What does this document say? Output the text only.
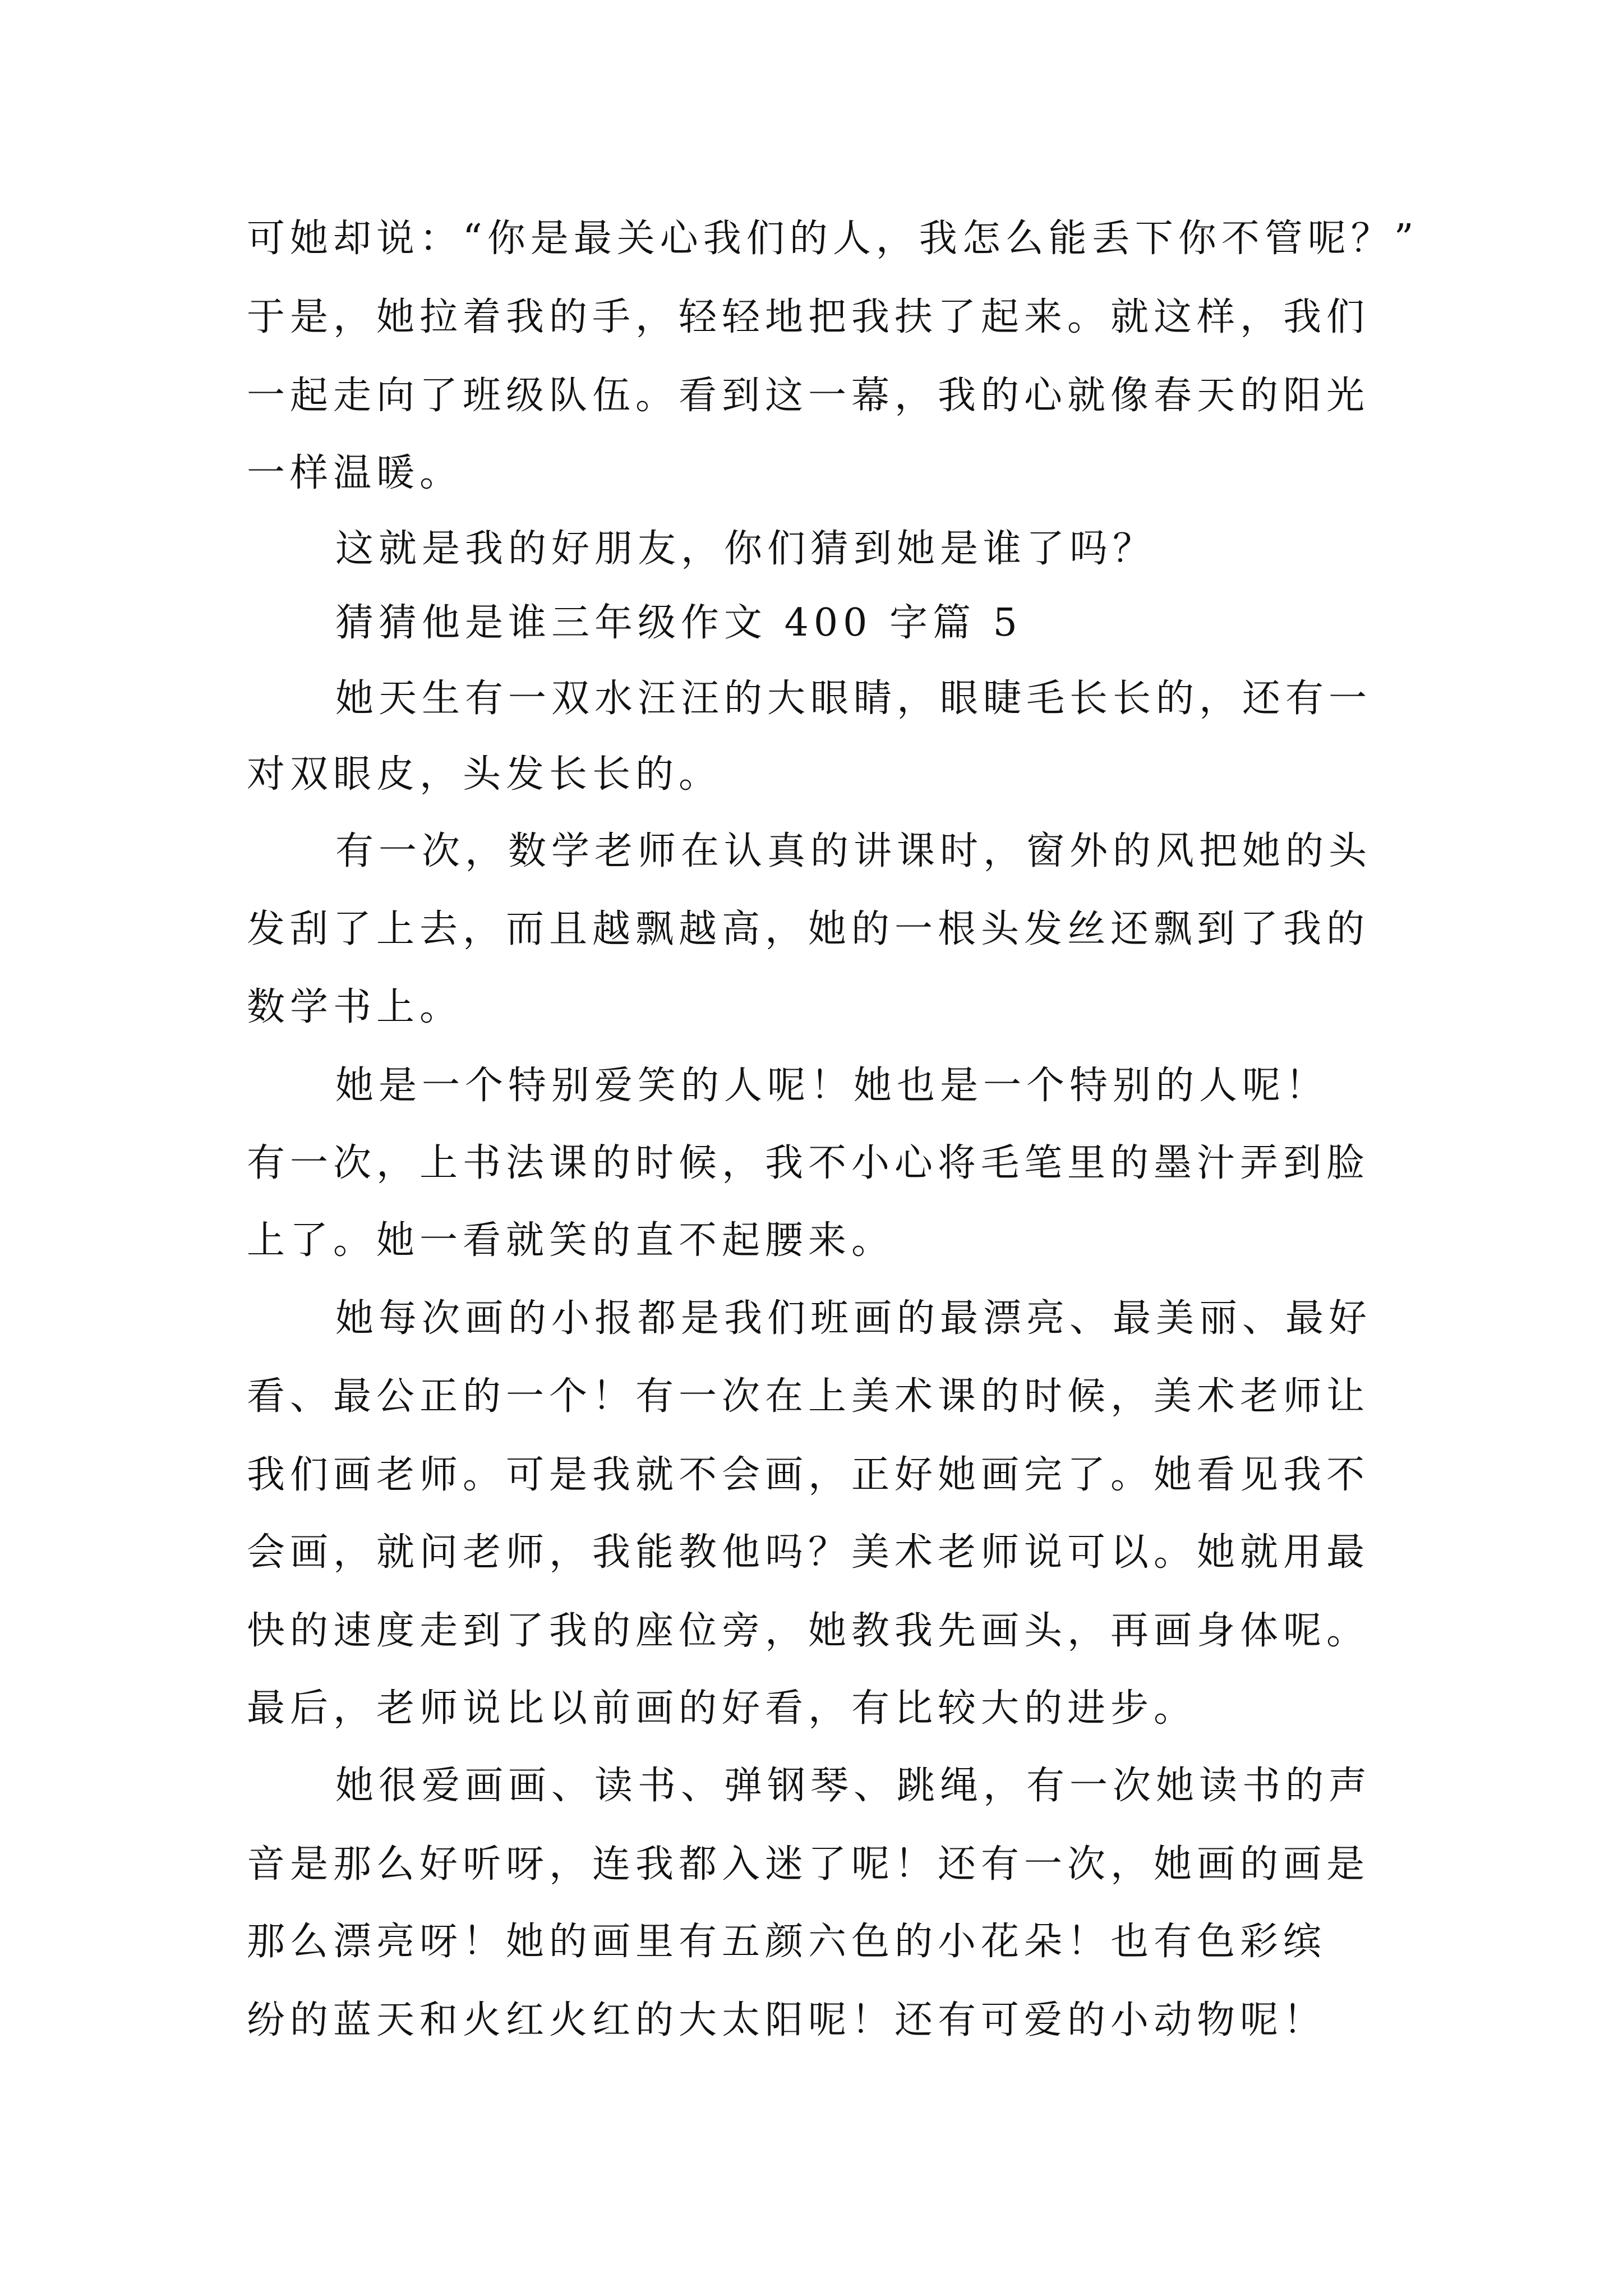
可她却说：“你是最关心我们的人，我怎么能丢下你不管呢？”
于是，她拉着我的手，轻轻地把我扶了起来。就这样，我们
一起走向了班级队伍。看到这一幕，我的心就像春天的阳光
一样温暖。
这就是我的好朋友，你们猜到她是谁了吗？
猜猜他是谁三年级作文 400 字篇 5
她天生有一双水汪汪的大眼睛，眼睫毛长长的，还有一
对双眼皮，头发长长的。
有一次，数学老师在认真的讲课时，窗外的风把她的头
发刮了上去，而且越飘越高，她的一根头发丝还飘到了我的
数学书上。
她是一个特别爱笑的人呢！她也是一个特别的人呢！
有一次，上书法课的时候，我不小心将毛笔里的墨汁弄到脸
上了。她一看就笑的直不起腰来。
她每次画的小报都是我们班画的最漂亮、最美丽、最好
看、最公正的一个！有一次在上美术课的时候，美术老师让
我们画老师。可是我就不会画，正好她画完了。她看见我不
会画，就问老师，我能教他吗？美术老师说可以。她就用最
快的速度走到了我的座位旁，她教我先画头，再画身体呢。
最后，老师说比以前画的好看，有比较大的进步。
她很爱画画、读书、弹钢琴、跳绳，有一次她读书的声
音是那么好听呀，连我都入迷了呢！还有一次，她画的画是
那么漂亮呀！她的画里有五颜六色的小花朵！也有色彩缤
纷的蓝天和火红火红的大太阳呢！还有可爱的小动物呢！
